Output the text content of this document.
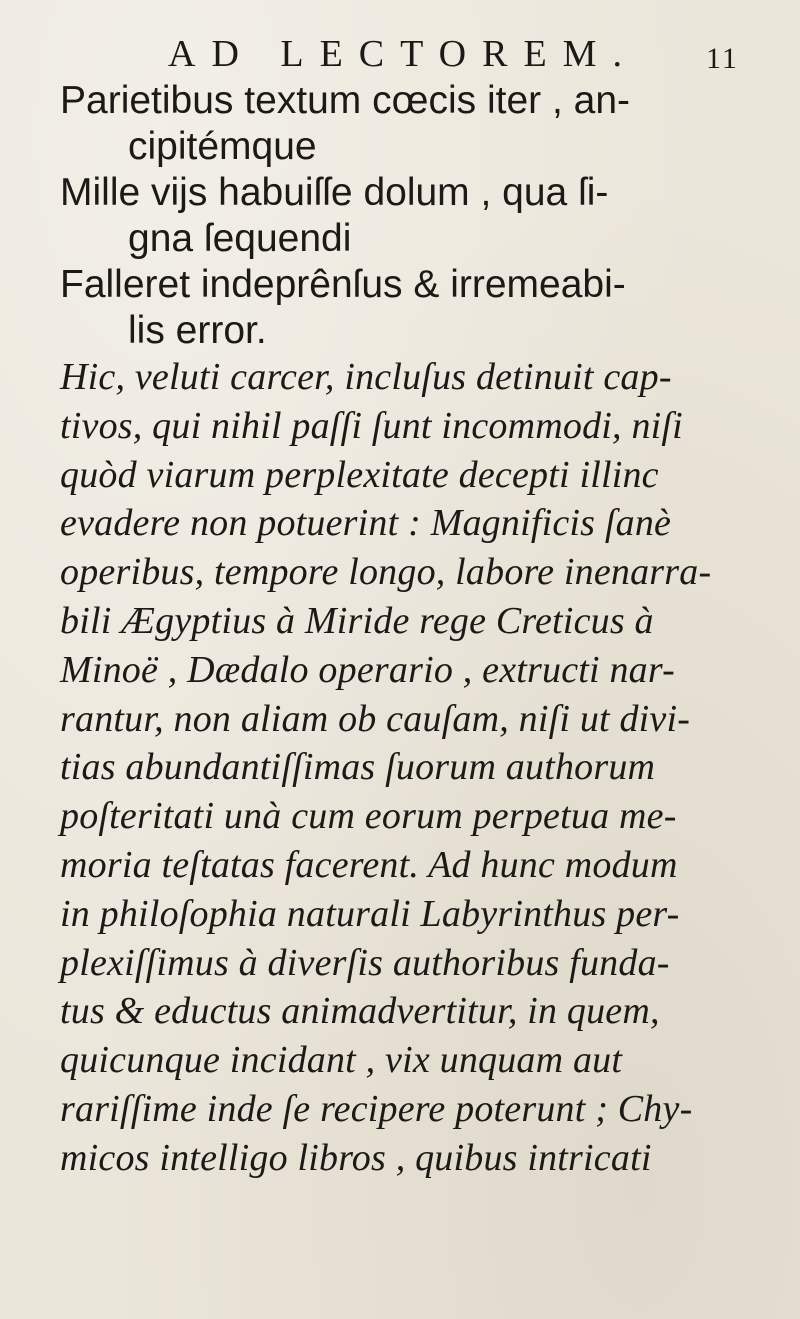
AD LECTOREM.	11
Parietibus textum cœcis iter , an-
cipitémque
Mille vijs habuiſſe dolum , qua ſi-
gna ſequendi
Falleret indeprênſus & irremeabi-
lis error.
Hic, veluti carcer, incluſus detinuit cap-
tivos, qui nihil paſſi ſunt incommodi, niſi
quòd viarum perplexitate decepti illinc
evadere non potuerint : Magnificis ſanè
operibus, tempore longo, labore inenarra-
bili Ægyptius à Miride rege Creticus à
Minoë , Dædalo operario , extructi nar-
rantur, non aliam ob cauſam, niſi ut divi-
tias abundantiſſimas ſuorum authorum
poſteritati unà cum eorum perpetua me-
moria teſtatas facerent. Ad hunc modum
in philoſophia naturali Labyrinthus per-
plexiſſimus à diverſis authoribus funda-
tus & eductus animadvertitur, in quem,
quicunque incidant , vix unquam aut
rariſſime inde ſe recipere poterunt ; Chy-
micos intelligo libros , quibus intricati
